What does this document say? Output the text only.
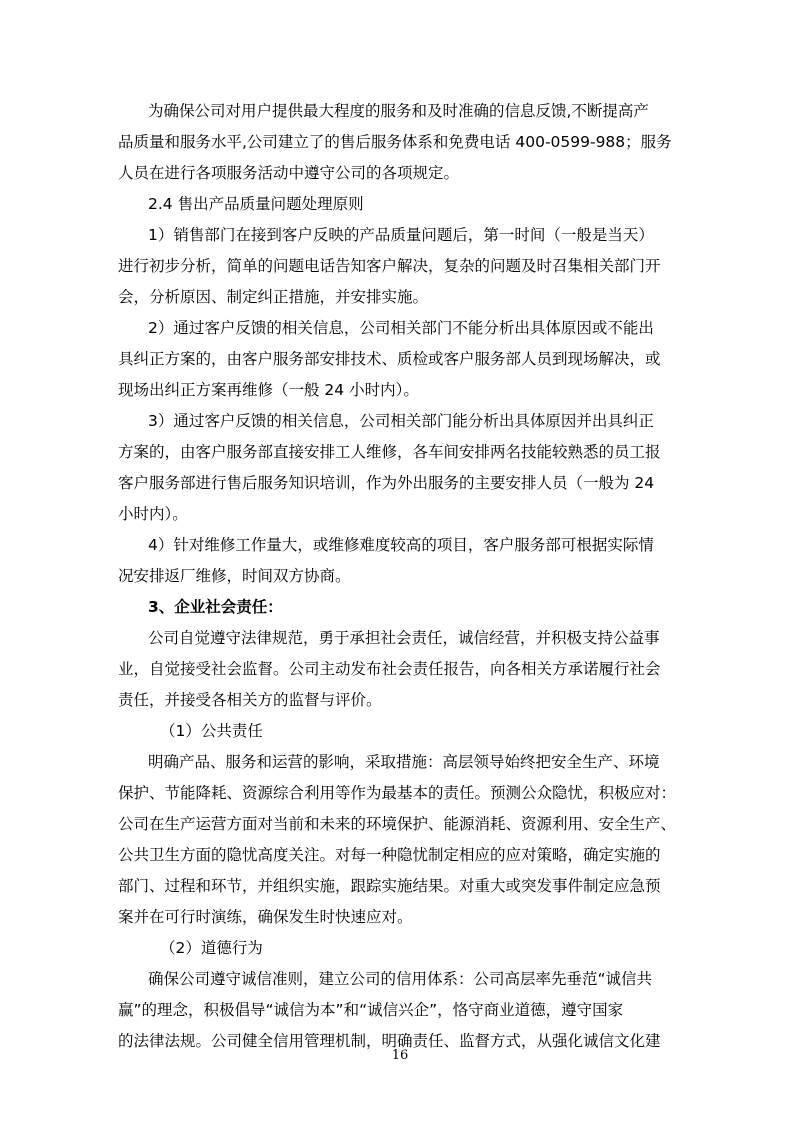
为确保公司对用户提供最大程度的服务和及时准确的信息反馈,不断提高产
品质量和服务水平,公司建立了的售后服务体系和免费电话 400-0599-988；服务
人员在进行各项服务活动中遵守公司的各项规定。
2.4 售出产品质量问题处理原则
1）销售部门在接到客户反映的产品质量问题后，第一时间（一般是当天）
进行初步分析，简单的问题电话告知客户解决，复杂的问题及时召集相关部门开
会，分析原因、制定纠正措施，并安排实施。
2）通过客户反馈的相关信息，公司相关部门不能分析出具体原因或不能出
具纠正方案的，由客户服务部安排技术、质检或客户服务部人员到现场解决，或
现场出纠正方案再维修（一般 24 小时内）。
3）通过客户反馈的相关信息，公司相关部门能分析出具体原因并出具纠正
方案的，由客户服务部直接安排工人维修，各车间安排两名技能较熟悉的员工报
客户服务部进行售后服务知识培训，作为外出服务的主要安排人员（一般为 24
小时内）。
4）针对维修工作量大，或维修难度较高的项目，客户服务部可根据实际情
况安排返厂维修，时间双方协商。
3、企业社会责任：
公司自觉遵守法律规范，勇于承担社会责任，诚信经营，并积极支持公益事
业，自觉接受社会监督。公司主动发布社会责任报告，向各相关方承诺履行社会
责任，并接受各相关方的监督与评价。
（1）公共责任
明确产品、服务和运营的影响，采取措施：高层领导始终把安全生产、环境
保护、节能降耗、资源综合利用等作为最基本的责任。预测公众隐忧，积极应对：
公司在生产运营方面对当前和未来的环境保护、能源消耗、资源利用、安全生产、
公共卫生方面的隐忧高度关注。对每一种隐忧制定相应的应对策略，确定实施的
部门、过程和环节，并组织实施，跟踪实施结果。对重大或突发事件制定应急预
案并在可行时演练，确保发生时快速应对。
（2）道德行为
确保公司遵守诚信准则，建立公司的信用体系：公司高层率先垂范“诚信共
赢”的理念，积极倡导“诚信为本”和“诚信兴企”，恪守商业道德，遵守国家
的法律法规。公司健全信用管理机制，明确责任、监督方式，从强化诚信文化建
16
